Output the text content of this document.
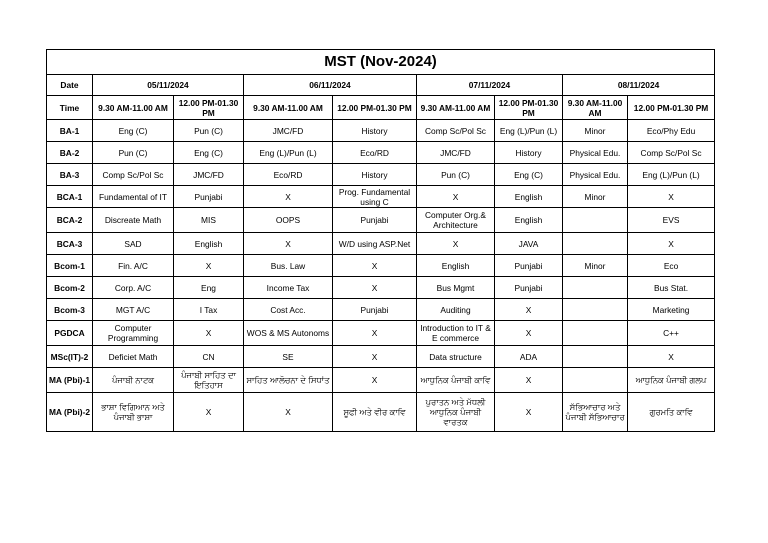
MST (Nov-2024)								
Date	05/11/2024		06/11/2024		07/11/2024		08/11/2024	
Time	9.30 AM-11.00 AM	12.00 PM-01.30 PM	9.30 AM-11.00 AM	12.00 PM-01.30 PM	9.30 AM-11.00 AM	12.00 PM-01.30 PM	9.30 AM-11.00 AM	12.00 PM-01.30 PM
BA-1	Eng (C)	Pun (C)	JMC/FD	History	Comp Sc/Pol Sc	Eng (L)/Pun (L)	Minor	Eco/Phy Edu
BA-2	Pun (C)	Eng (C)	Eng (L)/Pun (L)	Eco/RD	JMC/FD	History	Physical Edu.	Comp Sc/Pol Sc
BA-3	Comp Sc/Pol Sc	JMC/FD	Eco/RD	History	Pun (C)	Eng (C)	Physical Edu.	Eng (L)/Pun (L)
BCA-1	Fundamental of IT	Punjabi	X	Prog. Fundamental using C	X	English	Minor	X
BCA-2	Discreate Math	MIS	OOPS	Punjabi	Computer Org.& Architecture	English		EVS
BCA-3	SAD	English	X	W/D using ASP.Net	X	JAVA		X
Bcom-1	Fin. A/C	X	Bus. Law	X	English	Punjabi	Minor	Eco
Bcom-2	Corp. A/C	Eng	Income Tax	X	Bus Mgmt	Punjabi		Bus Stat.
Bcom-3	MGT A/C	I Tax	Cost Acc.	Punjabi	Auditing	X		Marketing
PGDCA	Computer Programming	X	WOS & MS Autonoms	X	Introduction to IT & E commerce	X		C++
MSc(IT)-2	Deficiet Math	CN	SE	X	Data structure	ADA		X
MA (Pbi)-1	ਪੰਜਾਬੀ ਨਾਟਕ	ਪੰਜਾਬੀ ਸਾਹਿਤ ਦਾ ਇਤਿਹਾਸ	ਸਾਹਿਤ ਆਲੋਚਨਾ ਦੇ ਸਿਧਾਂਤ	X	ਆਧੁਨਿਕ ਪੰਜਾਬੀ ਕਾਵਿ	X		ਆਧੁਨਿਕ ਪੰਜਾਬੀ ਗਲਪ
MA (Pbi)-2	ਭਾਸ਼ਾ ਵਿਗਿਆਨ ਅਤੇ ਪੰਜਾਬੀ ਭਾਸ਼ਾ	X	X	ਸੂਫੀ ਅਤੇ ਵੀਰ ਕਾਵਿ	ਪੁਰਾਤਨ ਅਤੇ ਮੱਧਲੀ ਆਧੁਨਿਕ ਪੰਜਾਬੀ ਵਾਰਤਕ	X	ਸੱਭਿਆਚਾਰ ਅਤੇ ਪੰਜਾਬੀ ਸੱਭਿਆਚਾਰ	ਗੁਰਮਤਿ ਕਾਵਿ
